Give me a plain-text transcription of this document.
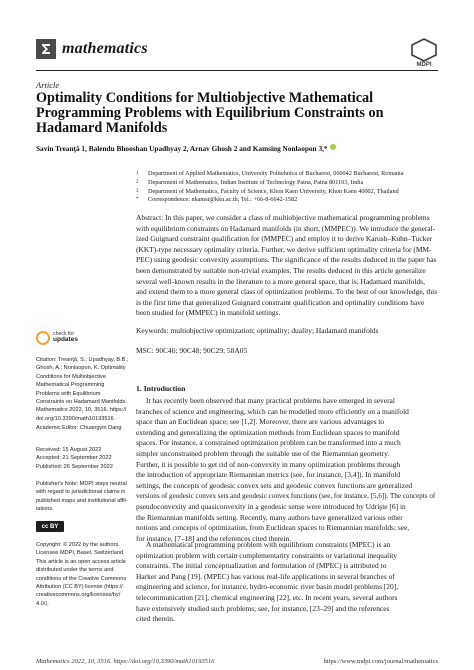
mathematics
MDPI
Article
Optimality Conditions for Multiobjective Mathematical
Programming Problems with Equilibrium Constraints on
Hadamard Manifolds
Savin Treanţă 1, Balendu Bhooshan Upadhyay 2, Arnav Ghosh 2 and Kamsing Nonlaopon 3,*
1	Department of Applied Mathematics, University Politehnica of Bucharest, 060042 Bucharest, Romania
2	Department of Mathematics, Indian Institute of Technology Patna, Patna 801103, India
3	Department of Mathematics, Faculty of Science, Khon Kaen University, Khon Kaen 40002, Thailand
*	Correspondence: nkamsi@kku.ac.th; Tel.: +66-8-6642-1582
Abstract: In this paper, we consider a class of multiobjective mathematical programming problems
with equilibrium constraints on Hadamard manifolds (in short, (MMPEC)). We introduce the general-
ized Guignard constraint qualification for (MMPEC) and employ it to derive Karush–Kuhn–Tucker
(KKT)-type necessary optimality criteria. Further, we derive sufficient optimality criteria for (MM-
PEC) using geodesic convexity assumptions. The significance of the results deduced in the paper has
been demonstrated by suitable non-trivial examples. The results deduced in this article generalize
several well-known results in the literature to a more general space, that is, Hadamard manifolds,
and extend them to a more general class of optimization problems. To the best of our knowledge, this
is the first time that generalized Guignard constraint qualification and optimality conditions have
been studied for (MMPEC) in manifold settings.
Keywords: multiobjective optimization; optimality; duality; Hadamard manifolds
MSC: 90C46; 90C48; 90C29; 58A05
1. Introduction
It has recently been observed that many practical problems have emerged in several
branches of science and engineering, which can be modelled more efficiently on a manifold
space than an Euclidean space; see [1,2]. Moreover, there are various advantages to
extending and generalizing the optimization methods from Euclidean spaces to manifold
spaces. For instance, a constrained optimization problem can be transformed into a much
simpler unconstrained problem through the suitable use of the Riemannian geometry.
Further, it is possible to get rid of non-convexity in many optimization problems through
the introduction of appropriate Riemannian metrics (see, for instance, [3,4]). In manifold
settings, the concepts of geodesic convex sets and geodesic convex functions are generalized
versions of geodesic convex sets and geodesic convex functions (see, for instance, [5,6]). The concepts of
pseudoconvexity and quasiconvexity in a geodesic sense were introduced by Udrişte [6] in
the Riemannian manifolds setting. Recently, many authors have generalized various other
notions and concepts of optimization, from Euclidean spaces to Riemannian manifolds; see,
for instance, [7–18] and the references cited therein.
A mathematical programming problem with equilibrium constraints (MPEC) is an
optimization problem with certain complementarity constraints or variational inequality
constraints. The initial conceptualization and formulation of (MPEC) is attributed to
Harker and Pang [19]. (MPEC) has various real-life applications in several branches of
engineering and science, for instance, hydro-economic river basin model problems [20],
telecommunication [21], chemical engineering [22], etc. In recent years, several authors
have extensively studied such problems; see, for instance, [23–29] and the references
cited therein.
check for
updates
Citation: Treanţă, S.; Upadhyay, B.B.;
Ghosh, A.; Nonlaopon, K. Optimality
Conditions for Multiobjective
Mathematical Programming
Problems with Equilibrium
Constraints on Hadamard Manifolds.
Mathematics 2022, 10, 3516. https://
doi.org/10.3390/math10193516
Academic Editor: Chuangyin Dang
Received: 15 August 2022
Accepted: 21 September 2022
Published: 26 September 2022
Publisher's Note: MDPI stays neutral
with regard to jurisdictional claims in
published maps and institutional affil-
iations.
cc BY
Copyright: © 2022 by the authors.
Licensee MDPI, Basel, Switzerland.
This article is an open access article
distributed under the terms and
conditions of the Creative Commons
Attribution (CC BY) license (https://
creativecommons.org/licenses/by/
4.0/).
Mathematics 2022, 10, 3516. https://doi.org/10.3390/math10193516	https://www.mdpi.com/journal/mathematics
